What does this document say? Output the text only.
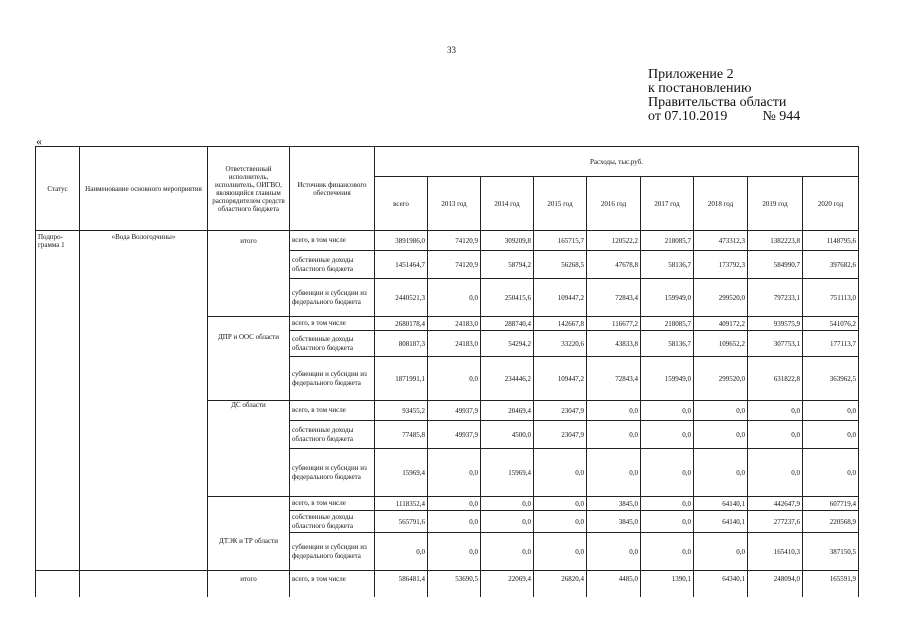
33
Приложение 2
к постановлению
Правительства области
от 07.10.2019	№ 944
«
Статус	Наименование основного мероприятия	Ответственный исполнитель, исполнитель, ОИГВО, являющийся главным распорядителем средств областного бюджета	Источник финансового обеспечения	Расходы, тыс.руб.								
				всего	2013 год	2014 год	2015 год	2016 год	2017 год	2018 год	2019 год	2020 год
Подпро-грамма 1	«Вода Вологодчины»	итого	всего, в том числе	3891986,0	74120,9	309209,8	165715,7	120522,2	218085,7	473312,3	1382223,8	1148795,6
			собственные доходы областного бюджета	1451464,7	74120,9	58794,2	56268,5	47678,8	58136,7	173792,3	584990,7	397682,6
			субвенции и субсидии из федерального бюджета	2440521,3	0,0	250415,6	109447,2	72843,4	159949,0	299520,0	797233,1	751113,0
		ДПР и ООС области	всего, в том числе	2680178,4	24183,0	288740,4	142667,8	116677,2	218085,7	409172,2	939575,9	541076,2
			собственные доходы областного бюджета	808187,3	24183,0	54294,2	33220,6	43833,8	58136,7	109652,2	307753,1	177113,7
			субвенции и субсидии из федерального бюджета	1871991,1	0,0	234446,2	109447,2	72843,4	159949,0	299520,0	631822,8	363962,5
		ДС области	всего, в том числе	93455,2	49937,9	20469,4	23047,9	0,0	0,0	0,0	0,0	0,0
			собственные доходы областного бюджета	77485,8	49937,9	4500,0	23047,9	0,0	0,0	0,0	0,0	0,0
			субвенции и субсидии из федерального бюджета	15969,4	0,0	15969,4	0,0	0,0	0,0	0,0	0,0	0,0
		ДТЭК и ТР области	всего, в том числе	1118352,4	0,0	0,0	0,0	3845,0	0,0	64140,1	442647,9	607719,4
			собственные доходы областного бюджета	565791,6	0,0	0,0	0,0	3845,0	0,0	64140,1	277237,6	220568,9
			субвенции и субсидии из федерального бюджета	0,0	0,0	0,0	0,0	0,0	0,0	0,0	165410,3	387150,5
		итого	всего, в том числе	586481,4	53690,5	22069,4	26820,4	4485,0	1390,1	64340,1	248094,0	165591,9
